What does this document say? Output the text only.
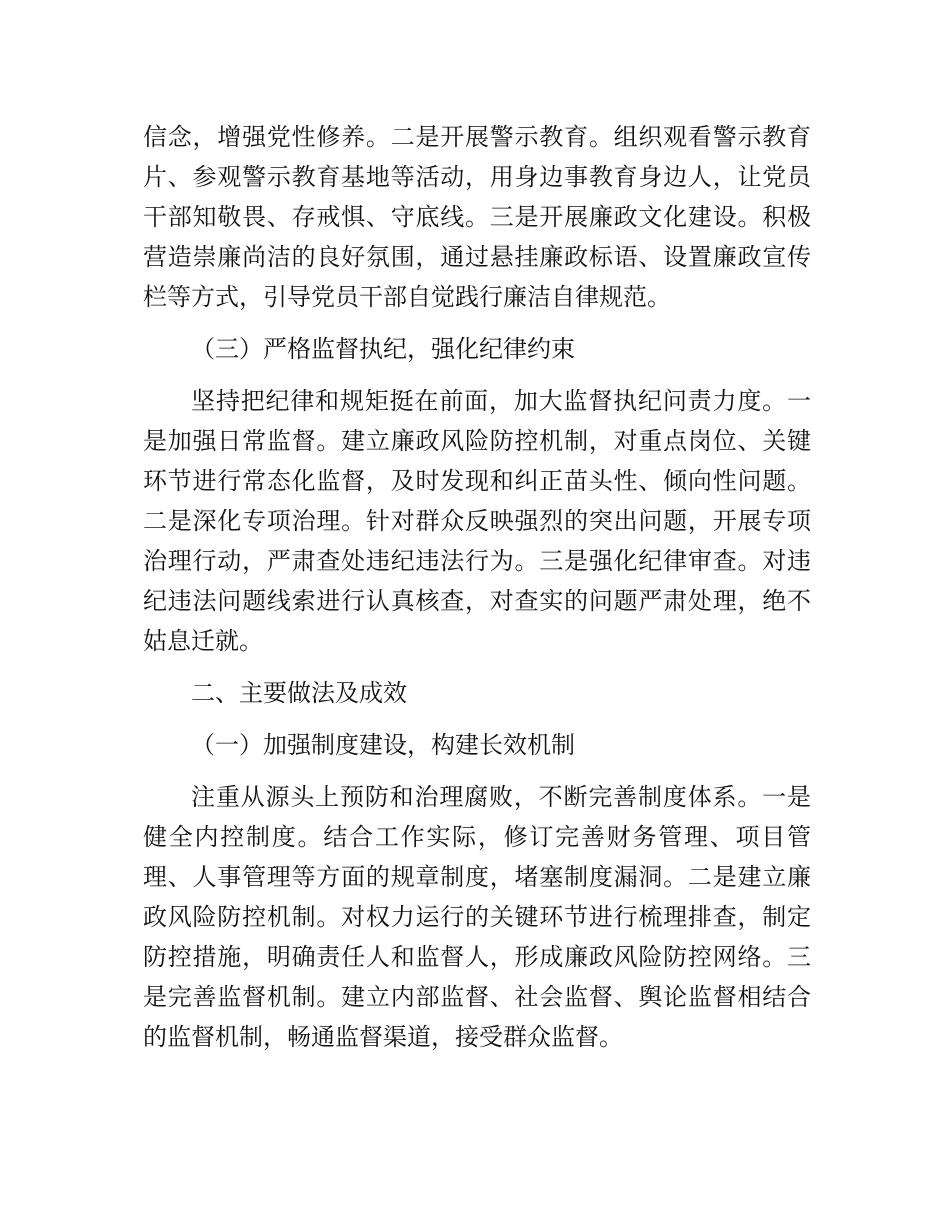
信念，增强党性修养。二是开展警示教育。组织观看警示教育片、参观警示教育基地等活动，用身边事教育身边人，让党员干部知敬畏、存戒惧、守底线。三是开展廉政文化建设。积极营造崇廉尚洁的良好氛围，通过悬挂廉政标语、设置廉政宣传栏等方式，引导党员干部自觉践行廉洁自律规范。

（三）严格监督执纪，强化纪律约束

坚持把纪律和规矩挺在前面，加大监督执纪问责力度。一是加强日常监督。建立廉政风险防控机制，对重点岗位、关键环节进行常态化监督，及时发现和纠正苗头性、倾向性问题。二是深化专项治理。针对群众反映强烈的突出问题，开展专项治理行动，严肃查处违纪违法行为。三是强化纪律审查。对违纪违法问题线索进行认真核查，对查实的问题严肃处理，绝不姑息迁就。

二、主要做法及成效

（一）加强制度建设，构建长效机制

注重从源头上预防和治理腐败，不断完善制度体系。一是健全内控制度。结合工作实际，修订完善财务管理、项目管理、人事管理等方面的规章制度，堵塞制度漏洞。二是建立廉政风险防控机制。对权力运行的关键环节进行梳理排查，制定防控措施，明确责任人和监督人，形成廉政风险防控网络。三是完善监督机制。建立内部监督、社会监督、舆论监督相结合的监督机制，畅通监督渠道，接受群众监督。
